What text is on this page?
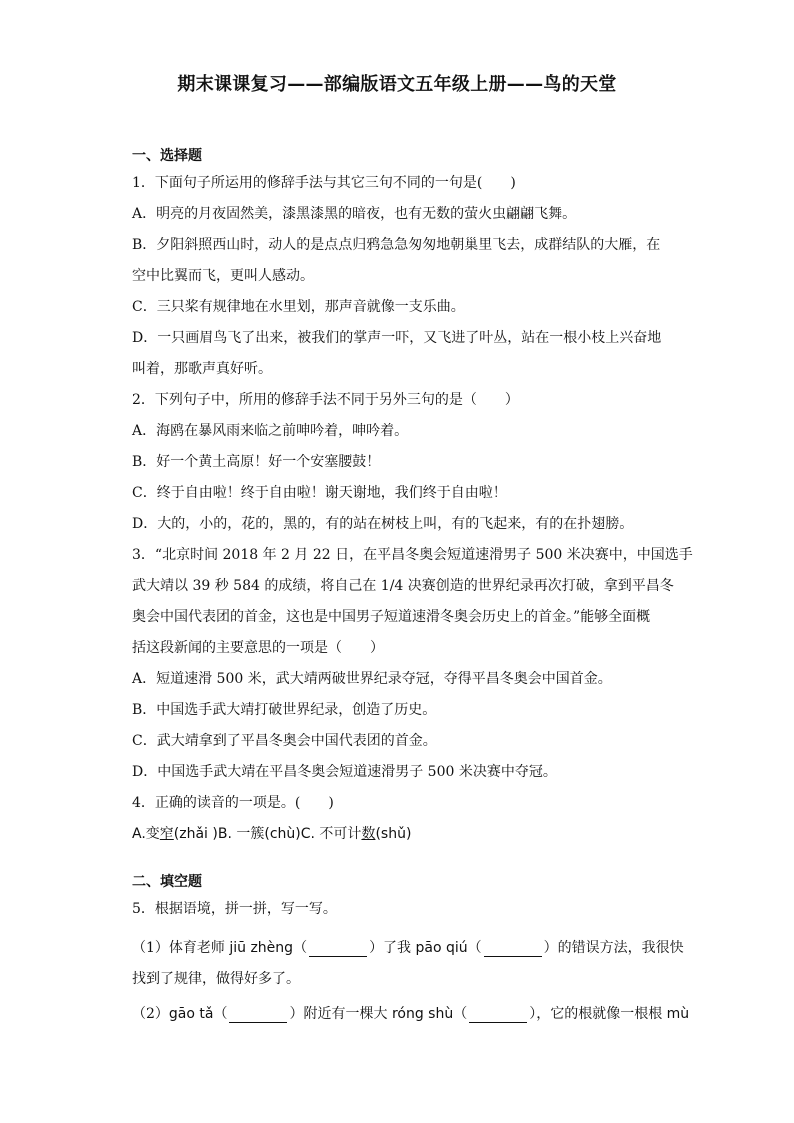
期末课课复习——部编版语文五年级上册——鸟的天堂
一、选择题
1．下面句子所运用的修辞手法与其它三句不同的一句是(　　)
A．明亮的月夜固然美，漆黑漆黑的暗夜，也有无数的萤火虫翩翩飞舞。
B．夕阳斜照西山时，动人的是点点归鸦急急匆匆地朝巢里飞去，成群结队的大雁，在
空中比翼而飞，更叫人感动。
C．三只桨有规律地在水里划，那声音就像一支乐曲。
D．一只画眉鸟飞了出来，被我们的掌声一吓，又飞进了叶丛，站在一根小枝上兴奋地
叫着，那歌声真好听。
2．下列句子中，所用的修辞手法不同于另外三句的是（　　）
A．海鸥在暴风雨来临之前呻吟着，呻吟着。
B．好一个黄土高原！好一个安塞腰鼓！
C．终于自由啦！终于自由啦！谢天谢地，我们终于自由啦！
D．大的，小的，花的，黑的，有的站在树枝上叫，有的飞起来，有的在扑翅膀。
3．“北京时间 2018 年 2 月 22 日，在平昌冬奥会短道速滑男子 500 米决赛中，中国选手
武大靖以 39 秒 584 的成绩，将自己在 1/4 决赛创造的世界纪录再次打破，拿到平昌冬
奥会中国代表团的首金，这也是中国男子短道速滑冬奥会历史上的首金。”能够全面概
括这段新闻的主要意思的一项是（　　）
A．短道速滑 500 米，武大靖两破世界纪录夺冠，夺得平昌冬奥会中国首金。
B．中国选手武大靖打破世界纪录，创造了历史。
C．武大靖拿到了平昌冬奥会中国代表团的首金。
D．中国选手武大靖在平昌冬奥会短道速滑男子 500 米决赛中夺冠。
4．正确的读音的一项是。(　　)
A.变窄(zhǎi )B. 一簇(chù)C. 不可计数(shǔ)
二、填空题
5．根据语境，拼一拼，写一写。
（1）体育老师 jiū zhèng（	）了我 pāo qiú（	）的错误方法，我很快
找到了规律，做得好多了。
（2）gāo tǎ（	）附近有一棵大 róng shù（	），它的根就像一根根 mù
